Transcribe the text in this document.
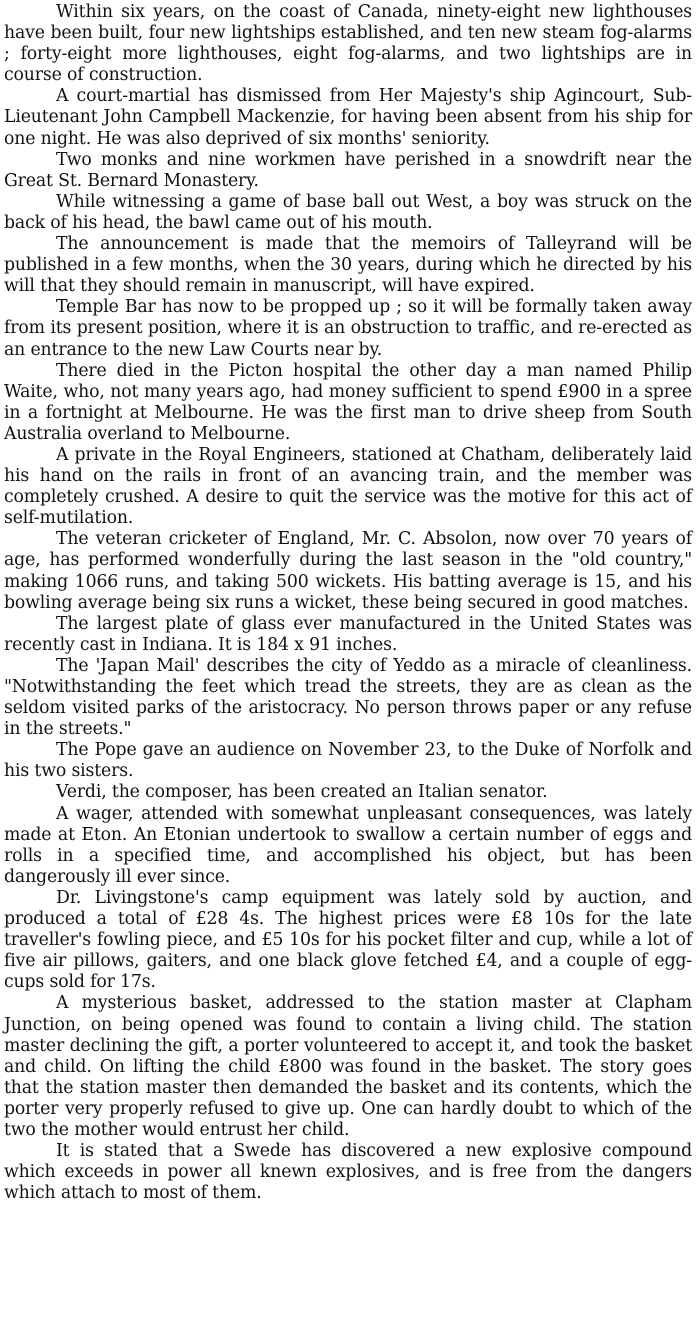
Within six years, on the coast of Canada, ninety-eight new lighthouses have been built, four new lightships established, and ten new steam fog-alarms ; forty-eight more lighthouses, eight fog-alarms, and two lightships are in course of construction.

A court-martial has dismissed from Her Majesty's ship Agincourt, Sub-Lieutenant John Campbell Mackenzie, for having been absent from his ship for one night. He was also deprived of six months' seniority.

Two monks and nine workmen have perished in a snowdrift near the Great St. Bernard Monastery.

While witnessing a game of base ball out West, a boy was struck on the back of his head, the bawl came out of his mouth.

The announcement is made that the memoirs of Talleyrand will be published in a few months, when the 30 years, during which he directed by his will that they should remain in manuscript, will have expired.

Temple Bar has now to be propped up ; so it will be formally taken away from its present position, where it is an obstruction to traffic, and re-erected as an entrance to the new Law Courts near by.

There died in the Picton hospital the other day a man named Philip Waite, who, not many years ago, had money sufficient to spend £900 in a spree in a fortnight at Melbourne. He was the first man to drive sheep from South Australia overland to Melbourne.

A private in the Royal Engineers, stationed at Chatham, deliberately laid his hand on the rails in front of an avancing train, and the member was completely crushed. A desire to quit the service was the motive for this act of self-mutilation.

The veteran cricketer of England, Mr. C. Absolon, now over 70 years of age, has performed wonderfully during the last season in the "old country," making 1066 runs, and taking 500 wickets. His batting average is 15, and his bowling average being six runs a wicket, these being secured in good matches.

The largest plate of glass ever manufactured in the United States was recently cast in Indiana. It is 184 x 91 inches.

The 'Japan Mail' describes the city of Yeddo as a miracle of cleanliness. "Notwithstanding the feet which tread the streets, they are as clean as the seldom visited parks of the aristocracy. No person throws paper or any refuse in the streets."

The Pope gave an audience on November 23, to the Duke of Norfolk and his two sisters.

Verdi, the composer, has been created an Italian senator.

A wager, attended with somewhat unpleasant consequences, was lately made at Eton. An Etonian undertook to swallow a certain number of eggs and rolls in a specified time, and accomplished his object, but has been dangerously ill ever since.

Dr. Livingstone's camp equipment was lately sold by auction, and produced a total of £28 4s. The highest prices were £8 10s for the late traveller's fowling piece, and £5 10s for his pocket filter and cup, while a lot of five air pillows, gaiters, and one black glove fetched £4, and a couple of egg-cups sold for 17s.

A mysterious basket, addressed to the station master at Clapham Junction, on being opened was found to contain a living child. The station master declining the gift, a porter volunteered to accept it, and took the basket and child. On lifting the child £800 was found in the basket. The story goes that the station master then demanded the basket and its contents, which the porter very properly refused to give up. One can hardly doubt to which of the two the mother would entrust her child.

It is stated that a Swede has discovered a new explosive compound which exceeds in power all knewn explosives, and is free from the dangers which attach to most of them.
